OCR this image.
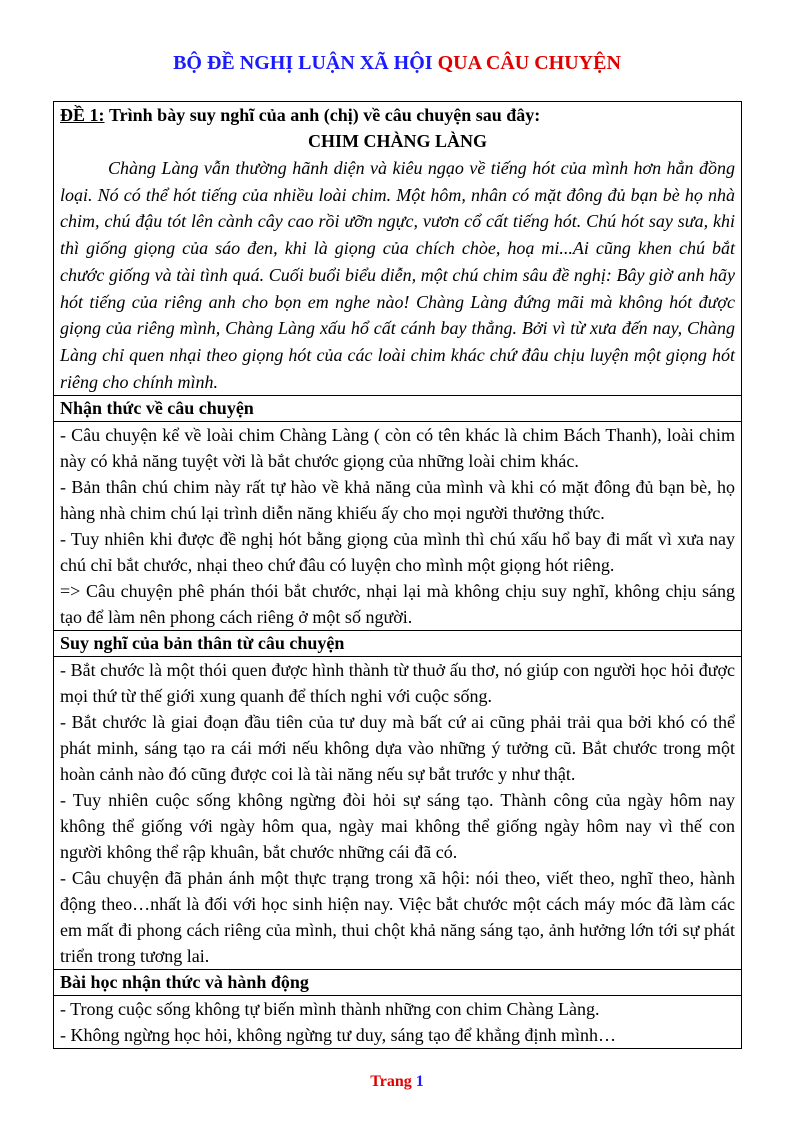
BỘ ĐỀ NGHỊ LUẬN XÃ HỘI QUA CÂU CHUYỆN
ĐỀ 1: Trình bày suy nghĩ của anh (chị) về câu chuyện sau đây:
CHIM CHÀNG LÀNG

Chàng Làng vẫn thường hãnh diện và kiêu ngạo về tiếng hót của mình hơn hẳn đồng loại. Nó có thể hót tiếng của nhiều loài chim. Một hôm, nhân có mặt đông đủ bạn bè họ nhà chim, chú đậu tót lên cành cây cao rồi ưỡn ngực, vươn cổ cất tiếng hót. Chú hót say sưa, khi thì giống giọng của sáo đen, khi là giọng của chích chòe, hoạ mi...Ai cũng khen chú bắt chước giống và tài tình quá. Cuối buổi biểu diễn, một chú chim sâu đề nghị: Bây giờ anh hãy hót tiếng của riêng anh cho bọn em nghe nào! Chàng Làng đứng mãi mà không hót được giọng của riêng mình, Chàng Làng xấu hổ cất cánh bay thẳng. Bởi vì từ xưa đến nay, Chàng Làng chỉ quen nhại theo giọng hót của các loài chim khác chứ đâu chịu luyện một giọng hót riêng cho chính mình.

Nhận thức về câu chuyện

- Câu chuyện kể về loài chim Chàng Làng ( còn có tên khác là chim Bách Thanh), loài chim này có khả năng tuyệt vời là bắt chước giọng của những loài chim khác.

- Bản thân chú chim này rất tự hào về khả năng của mình và khi có mặt đông đủ bạn bè, họ hàng nhà chim chú lại trình diễn năng khiếu ấy cho mọi người thưởng thức.

- Tuy nhiên khi được đề nghị hót bằng giọng của mình thì chú xấu hổ bay đi mất vì xưa nay chú chỉ bắt chước, nhại theo chứ đâu có luyện cho mình một giọng hót riêng.

=> Câu chuyện phê phán thói bắt chước, nhại lại mà không chịu suy nghĩ, không chịu sáng tạo để làm nên phong cách riêng ở một số người.

Suy nghĩ của bản thân từ câu chuyện

- Bắt chước là một thói quen được hình thành từ thuở ấu thơ, nó giúp con người học hỏi được mọi thứ từ thế giới xung quanh để thích nghi với cuộc sống.

- Bắt chước là giai đoạn đầu tiên của tư duy mà bất cứ ai cũng phải trải qua bởi khó có thể phát minh, sáng tạo ra cái mới nếu không dựa vào những ý tưởng cũ. Bắt chước trong một hoàn cảnh nào đó cũng được coi là tài năng nếu sự bắt trước y như thật.

- Tuy nhiên cuộc sống không ngừng đòi hỏi sự sáng tạo. Thành công của ngày hôm nay không thể giống với ngày hôm qua, ngày mai không thể giống ngày hôm nay vì thế con người không thể rập khuân, bắt chước những cái đã có.

- Câu chuyện đã phản ánh một thực trạng trong xã hội: nói theo, viết theo, nghĩ theo, hành động theo…nhất là đối với học sinh hiện nay. Việc bắt chước một cách máy móc đã làm các em mất đi phong cách riêng của mình, thui chột khả năng sáng tạo, ảnh hưởng lớn tới sự phát triển trong tương lai.

Bài học nhận thức và hành động

- Trong cuộc sống không tự biến mình thành những con chim Chàng Làng.

- Không ngừng học hỏi, không ngừng tư duy, sáng tạo để khẳng định mình…

Trang 1
